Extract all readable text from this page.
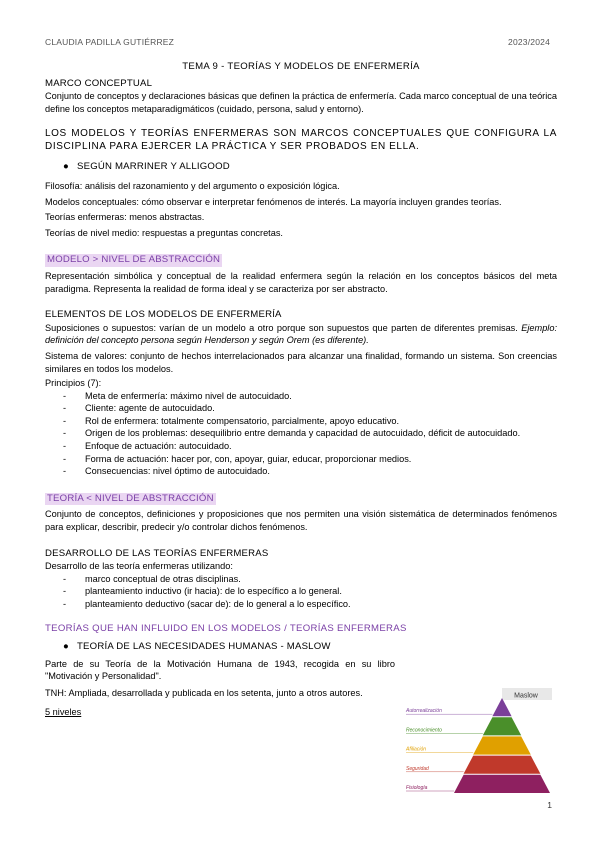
CLAUDIA PADILLA GUTIÉRREZ	2023/2024

TEMA 9 - TEORÍAS Y MODELOS DE ENFERMERÍA

MARCO CONCEPTUAL

Conjunto de conceptos y declaraciones básicas que definen la práctica de enfermería. Cada marco conceptual de una teórica define los conceptos metaparadigmáticos (cuidado, persona, salud y entorno).

LOS MODELOS Y TEORÍAS ENFERMERAS SON MARCOS CONCEPTUALES QUE CONFIGURA LA DISCIPLINA PARA EJERCER LA PRÁCTICA Y SER PROBADOS EN ELLA.

● SEGÚN MARRINER Y ALLIGOOD

Filosofía: análisis del razonamiento y del argumento o exposición lógica.

Modelos conceptuales: cómo observar e interpretar fenómenos de interés. La mayoría incluyen grandes teorías.

Teorías enfermeras: menos abstractas.

Teorías de nivel medio: respuestas a preguntas concretas.

MODELO > NIVEL DE ABSTRACCIÓN

Representación simbólica y conceptual de la realidad enfermera según la relación en los conceptos básicos del meta paradigma. Representa la realidad de forma ideal y se caracteriza por ser abstracto.

ELEMENTOS DE LOS MODELOS DE ENFERMERÍA

Suposiciones o supuestos: varían de un modelo a otro porque son supuestos que parten de diferentes premisas. Ejemplo: definición del concepto persona según Henderson y según Orem (es diferente).

Sistema de valores: conjunto de hechos interrelacionados para alcanzar una finalidad, formando un sistema. Son creencias similares en todos los modelos.

Principios (7):

- Meta de enfermería: máximo nivel de autocuidado.
- Cliente: agente de autocuidado.
- Rol de enfermera: totalmente compensatorio, parcialmente, apoyo educativo.
- Origen de los problemas: desequilibrio entre demanda y capacidad de autocuidado, déficit de autocuidado.
- Enfoque de actuación: autocuidado.
- Forma de actuación: hacer por, con, apoyar, guiar, educar, proporcionar medios.
- Consecuencias: nivel óptimo de autocuidado.

TEORÍA < NIVEL DE ABSTRACCIÓN

Conjunto de conceptos, definiciones y proposiciones que nos permiten una visión sistemática de determinados fenómenos para explicar, describir, predecir y/o controlar dichos fenómenos.

DESARROLLO DE LAS TEORÍAS ENFERMERAS

Desarrollo de las teoría enfermeras utilizando:

- marco conceptual de otras disciplinas.
- planteamiento inductivo (ir hacia): de lo específico a lo general.
- planteamiento deductivo (sacar de): de lo general a lo específico.

TEORÍAS QUE HAN INFLUIDO EN LOS MODELOS / TEORÍAS ENFERMERAS

● TEORÍA DE LAS NECESIDADES HUMANAS - MASLOW

Parte de su Teoría de la Motivación Humana de 1943, recogida en su libro "Motivación y Personalidad".

TNH: Ampliada, desarrollada y publicada en los setenta, junto a otros autores.

5 niveles

Maslow
Autorrealización
Reconocimiento
Afiliación
Seguridad
Fisiología
1
